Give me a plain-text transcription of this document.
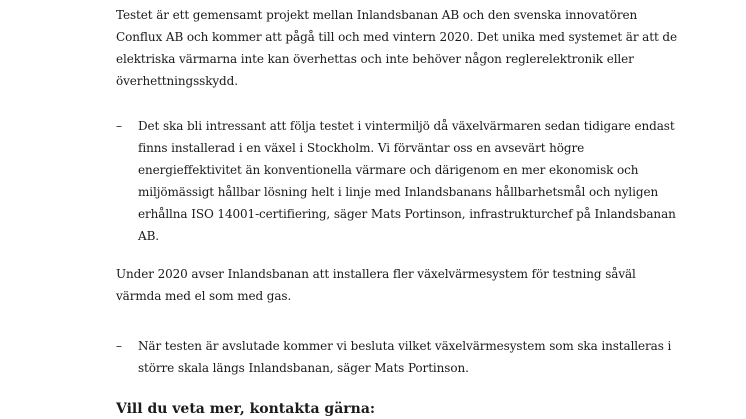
Testet är ett gemensamt projekt mellan Inlandsbanan AB och den svenska innovatören
Conflux AB och kommer att pågå till och med vintern 2020. Det unika med systemet är att de
elektriska värmarna inte kan överhettas och inte behöver någon reglerelektronik eller
överhettningsskydd.

–	Det ska bli intressant att följa testet i vintermiljö då växelvärmaren sedan tidigare endast
finns installerad i en växel i Stockholm. Vi förväntar oss en avsevärt högre
energieffektivitet än konventionella värmare och därigenom en mer ekonomisk och
miljömässigt hållbar lösning helt i linje med Inlandsbanans hållbarhetsmål och nyligen
erhållna ISO 14001-certifiering, säger Mats Portinson, infrastrukturchef på Inlandsbanan
AB.

Under 2020 avser Inlandsbanan att installera fler växelvärmesystem för testning såväl
värmda med el som med gas.

–	När testen är avslutade kommer vi besluta vilket växelvärmesystem som ska installeras i
större skala längs Inlandsbanan, säger Mats Portinson.
Vill du veta mer, kontakta gärna:
